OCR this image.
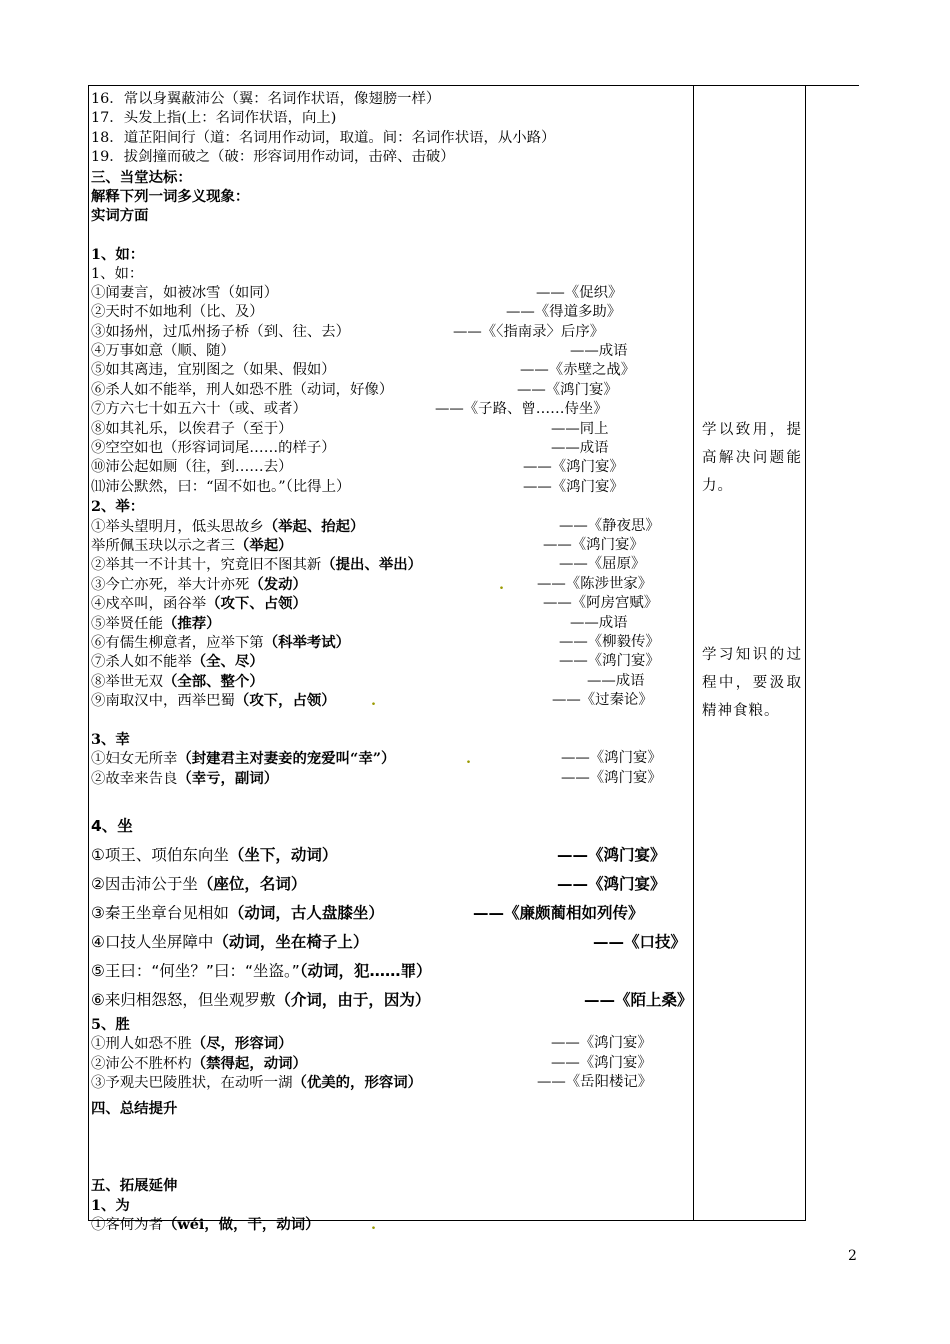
16．常以身翼蔽沛公（翼：名词作状语，像翅膀一样）
17．头发上指(上：名词作状语，向上)
18．道芷阳间行（道：名词用作动词，取道。间：名词作状语，从小路）
19．拔剑撞而破之（破：形容词用作动词，击碎、击破）
三、当堂达标：
解释下列一词多义现象：
实词方面
1、如：
1、如：
①闻妻言，如被冰雪（如同）	——《促织》
②天时不如地利（比、及）	——《得道多助》
③如扬州，过瓜州扬子桥（到、往、去）	——《〈指南录〉后序》
④万事如意（顺、随）	——成语
⑤如其离违，宜别图之（如果、假如）	——《赤壁之战》
⑥杀人如不能举，刑人如恐不胜（动词，好像）	——《鸿门宴》
⑦方六七十如五六十（或、或者）	——《子路、曾……侍坐》
⑧如其礼乐，以俟君子（至于）	——同上
⑨空空如也（形容词词尾……的样子）	——成语
⑩沛公起如厕（往，到……去）	——《鸿门宴》
⑾沛公默然，曰：“固不如也。”（比得上）	——《鸿门宴》
2、举：
①举头望明月，低头思故乡（举起、抬起）	——《静夜思》
举所佩玉玦以示之者三（举起）	——《鸿门宴》
②举其一不计其十，究竟旧不图其新（提出、举出）	——《屈原》
③今亡亦死，举大计亦死（发动）	. ——《陈涉世家》
④戍卒叫，函谷举（攻下、占领）	——《阿房宫赋》
⑤举贤任能（推荐）	——成语
⑥有儒生柳意者，应举下第（科举考试）	——《柳毅传》
⑦杀人如不能举（全、尽）	——《鸿门宴》
⑧举世无双（全部、整个）	——成语
⑨南取汉中，西举巴蜀（攻下，占领） .	——《过秦论》
3、幸
①妇女无所幸（封建君主对妻妾的宠爱叫“幸”）	.	——《鸿门宴》
②故幸来告良（幸亏，副词）	——《鸿门宴》
4、坐
①项王、项伯东向坐（坐下，动词）	——《鸿门宴》
②因击沛公于坐（座位，名词）	——《鸿门宴》
③秦王坐章台见相如（动词，古人盘膝坐）	——《廉颇蔺相如列传》
④口技人坐屏障中（动词，坐在椅子上）	——《口技》
⑤王曰：“何坐？”曰：“坐盗。”（动词，犯……罪）
⑥来归相怨怒，但坐观罗敷（介词，由于，因为）	——《陌上桑》
5、胜
①刑人如恐不胜（尽，形容词）	——《鸿门宴》
②沛公不胜杯杓（禁得起，动词）	——《鸿门宴》
③予观夫巴陵胜状，在动听一湖（优美的，形容词）	——《岳阳楼记》
四、总结提升
五、拓展延伸
1、为
①客何为者（wéi，做，干，动词）	.
学以致用，提高解决问题能力。
学习知识的过程中，要汲取精神食粮。
2
